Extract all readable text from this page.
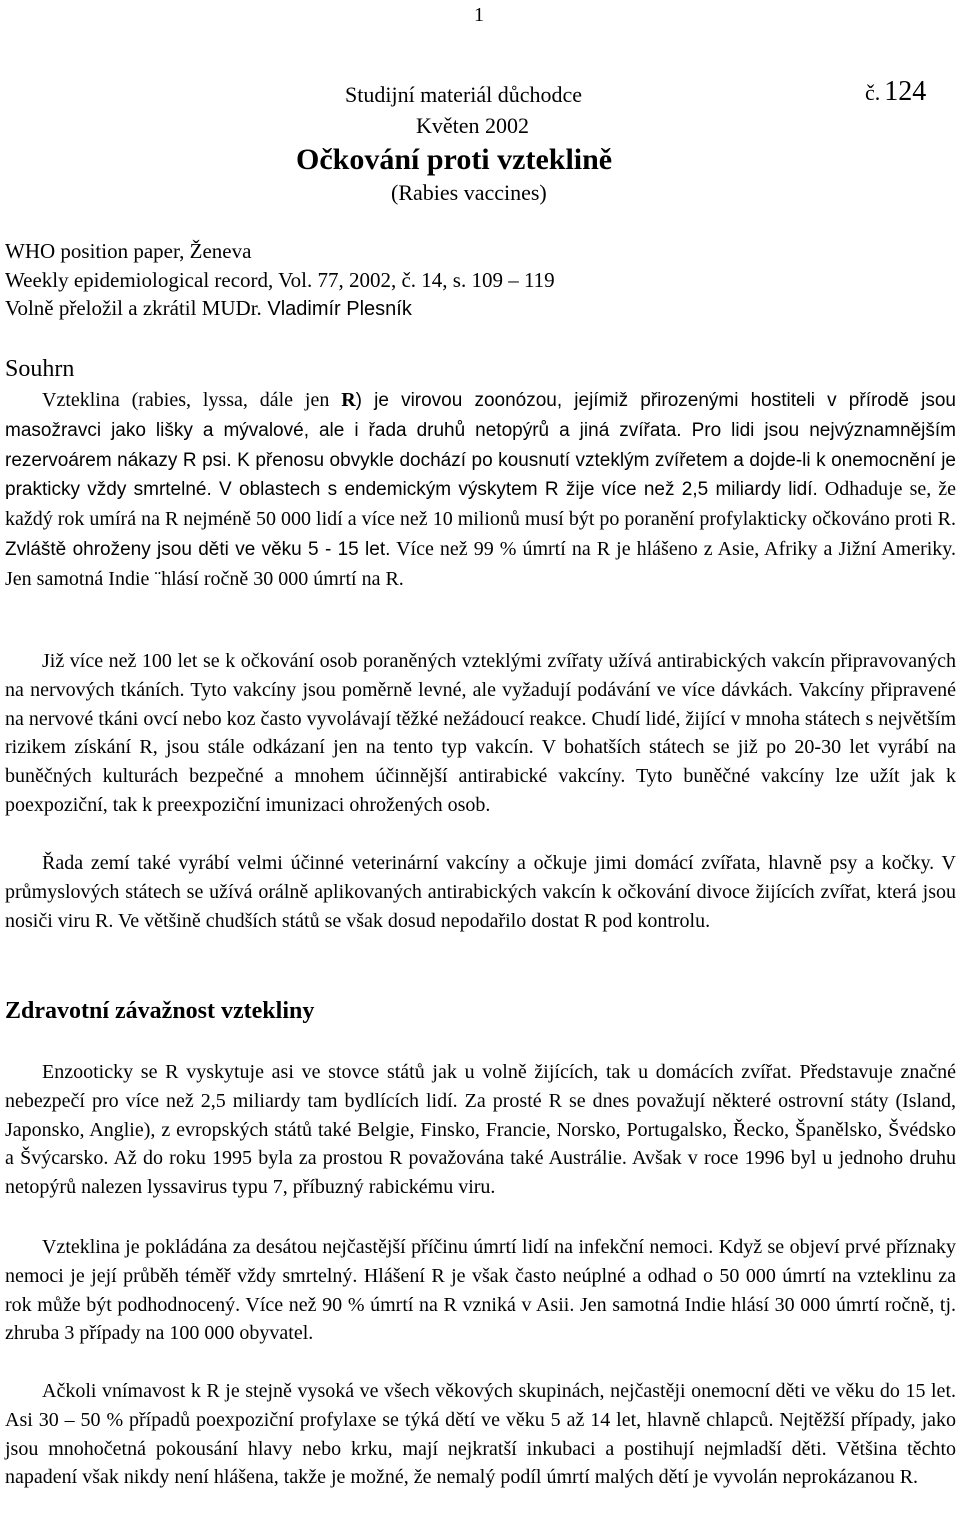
1
Studijní materiál důchodce	č. 124
Květen 2002
Očkování proti vzteklině
(Rabies vaccines)
WHO position paper, Ženeva
Weekly epidemiological record, Vol. 77, 2002, č. 14, s. 109 – 119
Volně přeložil a zkrátil MUDr. Vladimír Plesník
Souhrn

Vzteklina (rabies, lyssa, dále jen R) je virovou zoonózou, jejímiž přirozenými hostiteli v přírodě jsou masožravci jako lišky a mývalové, ale i řada druhů netopýrů a jiná zvířata. Pro lidi jsou nejvýznamnějším rezervoárem nákazy R psi. K přenosu obvykle dochází po kousnutí vzteklým zvířetem a dojde-li k onemocnění je prakticky vždy smrtelné. V oblastech s endemickým výskytem R žije více než 2,5 miliardy lidí. Odhaduje se, že každý rok umírá na R nejméně 50 000 lidí a více než 10 milionů musí být po poranění profylakticky očkováno proti R. Zvláště ohroženy jsou děti ve věku 5 - 15 let. Více než 99 % úmrtí na R je hlášeno z Asie, Afriky a Jižní Ameriky. Jen samotná Indie ¨hlásí ročně 30 000 úmrtí na R.

Již více než 100 let se k očkování osob poraněných vzteklými zvířaty užívá antirabických vakcín připravovaných na nervových tkáních. Tyto vakcíny jsou poměrně levné, ale vyžadují podávání ve více dávkách. Vakcíny připravené na nervové tkáni ovcí nebo koz často vyvolávají těžké nežádoucí reakce. Chudí lidé, žijící v mnoha státech s největším rizikem získání R, jsou stále odkázaní jen na tento typ vakcín. V bohatších státech se již po 20-30 let vyrábí na buněčných kulturách bezpečné a mnohem účinnější antirabické vakcíny. Tyto buněčné vakcíny lze užít jak k poexpoziční, tak k preexpoziční imunizaci ohrožených osob.

Řada zemí také vyrábí velmi účinné veterinární vakcíny a očkuje jimi domácí zvířata, hlavně psy a kočky. V průmyslových státech se užívá orálně aplikovaných antirabických vakcín k očkování divoce žijících zvířat, která jsou nosiči viru R. Ve většině chudších států se však dosud nepodařilo dostat R pod kontrolu.

Zdravotní závažnost vztekliny

Enzooticky se R vyskytuje asi ve stovce států jak u volně žijících, tak u domácích zvířat. Představuje značné nebezpečí pro více než 2,5 miliardy tam bydlících lidí. Za prosté R se dnes považují některé ostrovní státy (Island, Japonsko, Anglie), z evropských států také Belgie, Finsko, Francie, Norsko, Portugalsko, Řecko, Španělsko, Švédsko a Švýcarsko. Až do roku 1995 byla za prostou R považována také Austrálie. Avšak v roce 1996 byl u jednoho druhu netopýrů nalezen lyssavirus typu 7, příbuzný rabickému viru.

Vzteklina je pokládána za desátou nejčastější příčinu úmrtí lidí na infekční nemoci. Když se objeví prvé příznaky nemoci je její průběh téměř vždy smrtelný. Hlášení R je však často neúplné a odhad o 50 000 úmrtí na vzteklinu za rok může být podhodnocený. Více než 90 % úmrtí na R vzniká v Asii. Jen samotná Indie hlásí 30 000 úmrtí ročně, tj. zhruba 3 případy na 100 000 obyvatel.

Ačkoli vnímavost k R je stejně vysoká ve všech věkových skupinách, nejčastěji onemocní děti ve věku do 15 let. Asi 30 – 50 % případů poexpoziční profylaxe se týká dětí ve věku 5 až 14 let, hlavně chlapců. Nejtěžší případy, jako jsou mnohočetná pokousání hlavy nebo krku, mají nejkratší inkubaci a postihují nejmladší děti. Většina těchto napadení však nikdy není hlášena, takže je možné, že nemalý podíl úmrtí malých dětí je vyvolán neprokázanou R.
